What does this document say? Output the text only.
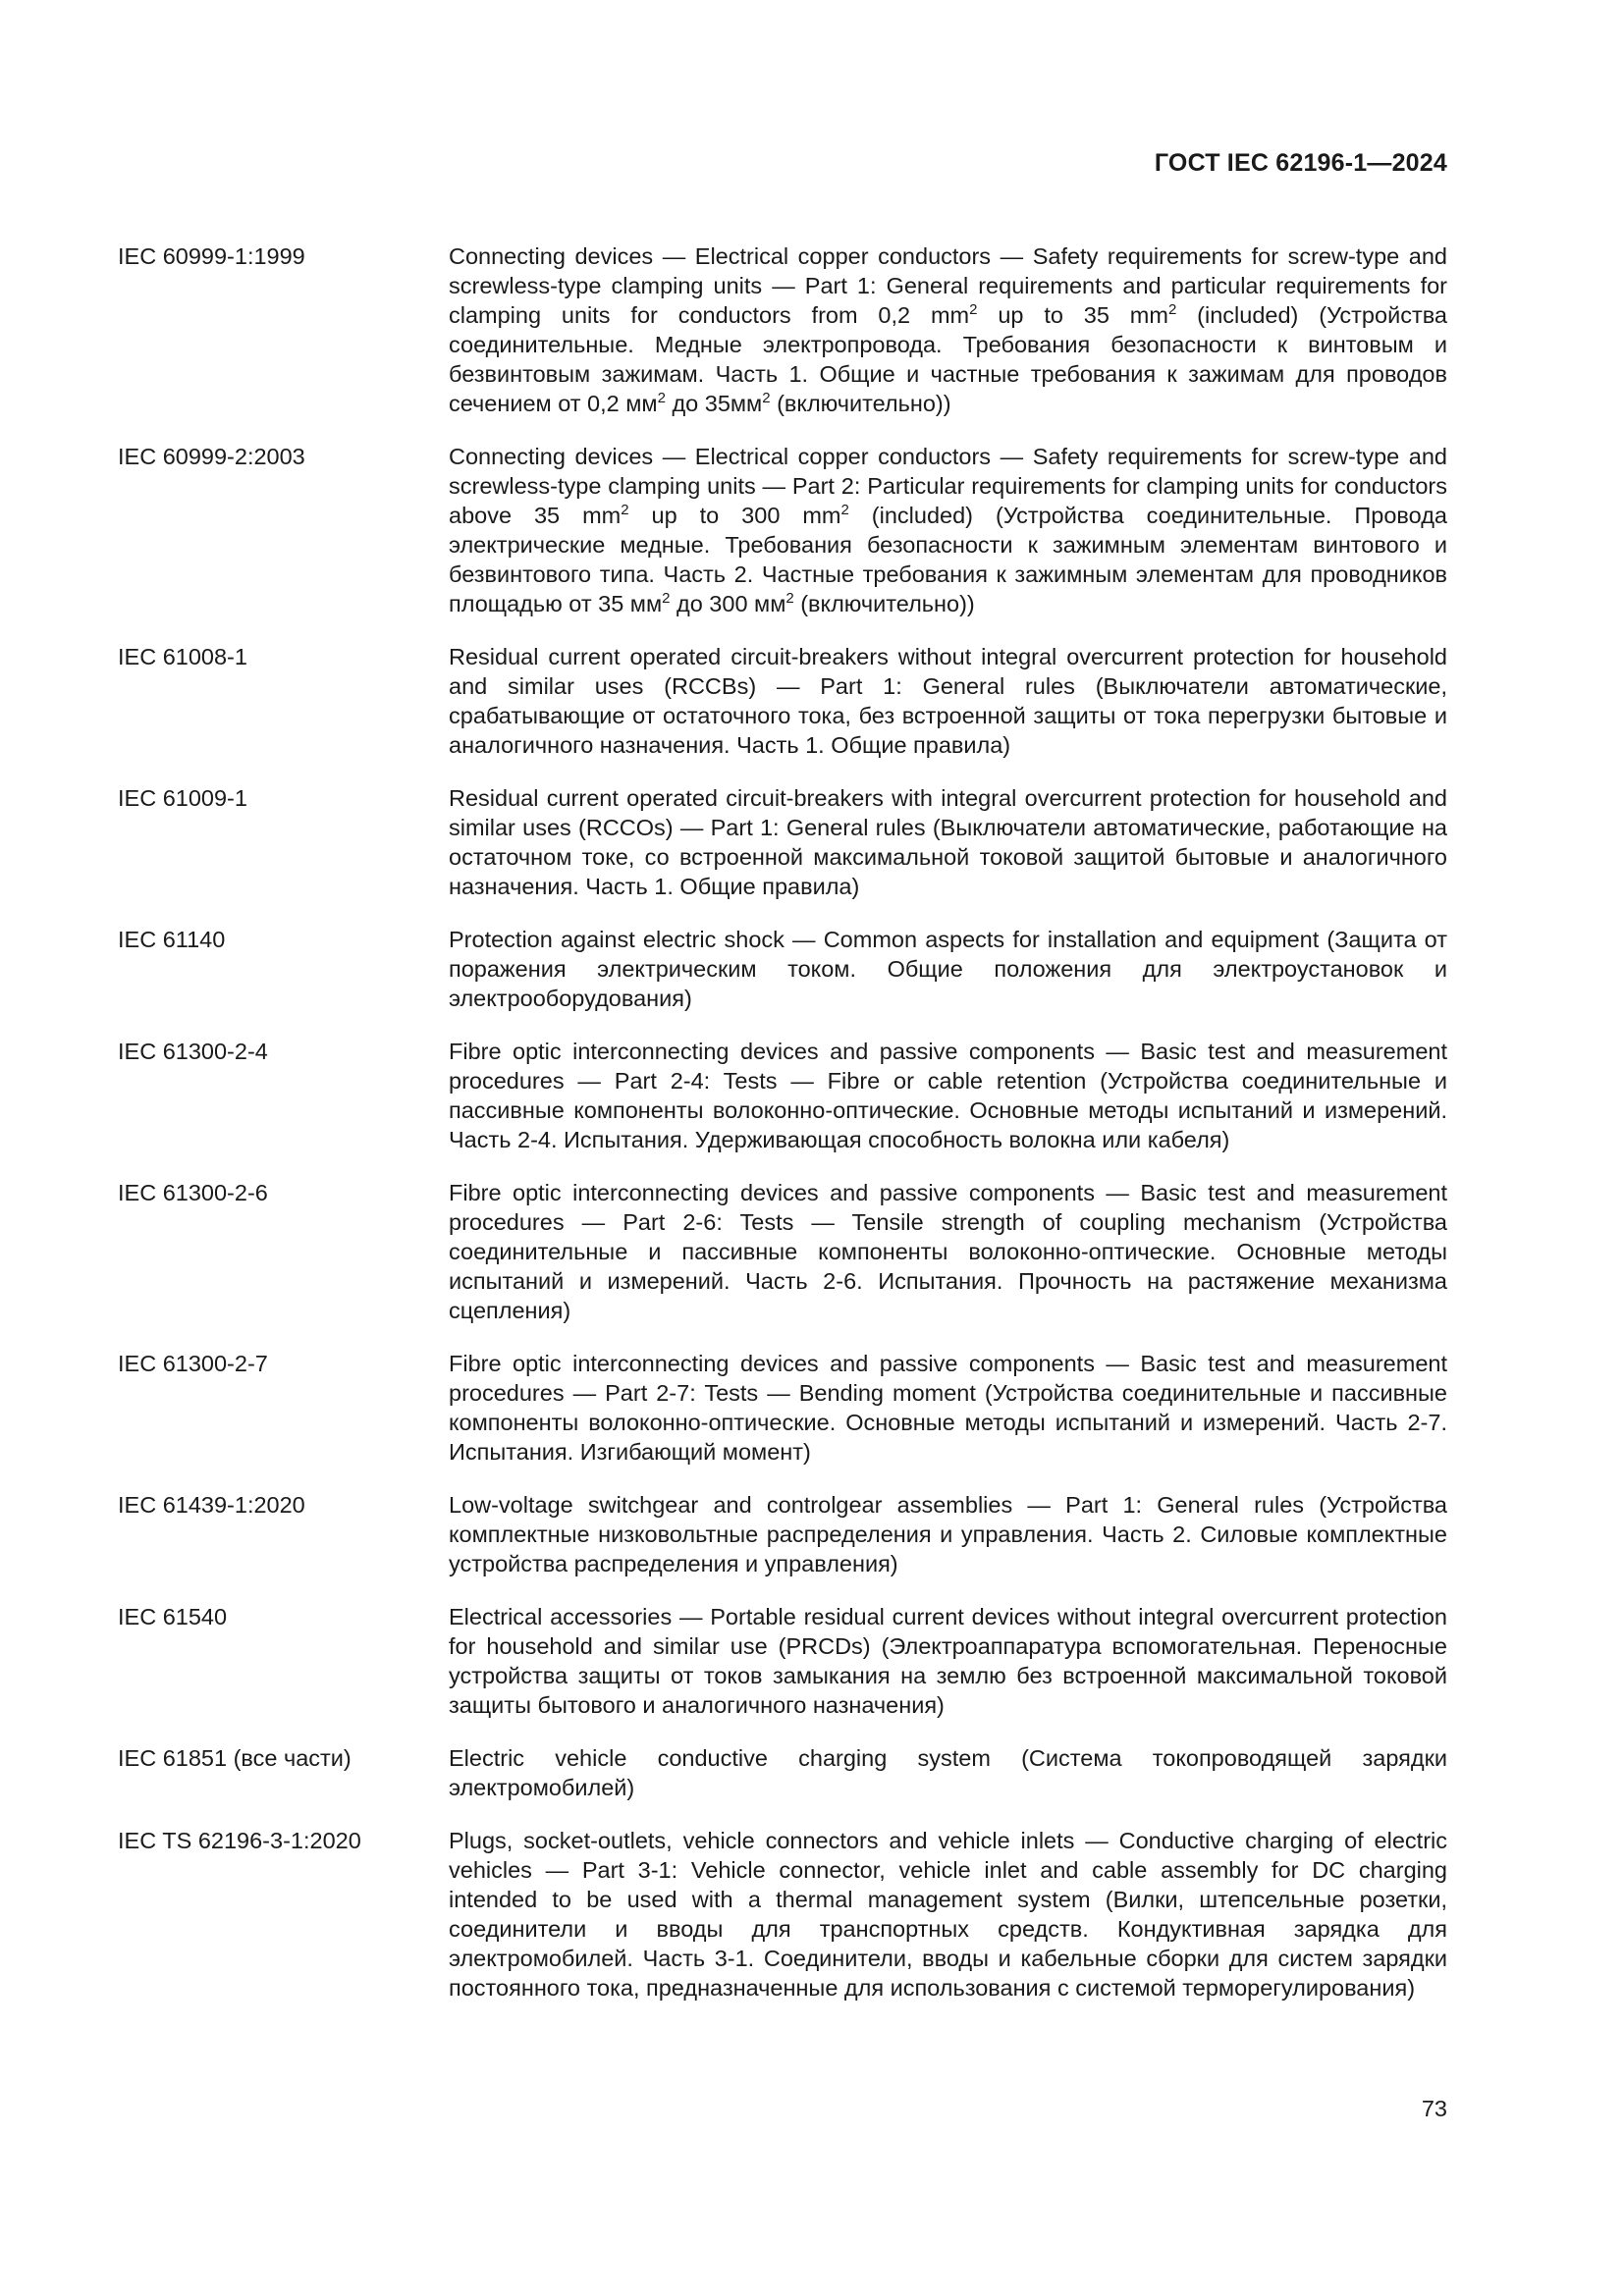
ГОСТ IEC 62196-1—2024
IEC 60999-1:1999	Connecting devices — Electrical copper conductors — Safety requirements for screw-type and screwless-type clamping units — Part 1: General requirements and particular requirements for clamping units for conductors from 0,2 $mm^2$ up to 35 $mm^2$ (included) (Устройства соединительные. Медные электропровода. Требования безопасности к винтовым и безвинтовым зажимам. Часть 1. Общие и частные требования к зажимам для проводов сечением от 0,2 $мм^2$ до $35мм^2$ (включительно))
IEC 60999-2:2003	Connecting devices — Electrical copper conductors — Safety requirements for screw-type and screwless-type clamping units — Part 2: Particular requirements for clamping units for conductors above 35 $mm^2$ up to 300 $mm^2$ (included) (Устройства соединительные. Провода электрические медные. Требования безопасности к зажимным элементам винтового и безвинтового типа. Часть 2. Частные требования к зажимным элементам для проводников площадью от 35 $мм^2$ до 300 $мм^2$ (включительно))
IEC 61008-1	Residual current operated circuit-breakers without integral overcurrent protection for household and similar uses (RCCBs) — Part 1: General rules (Выключатели автоматические, срабатывающие от остаточного тока, без встроенной защиты от тока перегрузки бытовые и аналогичного назначения. Часть 1. Общие правила)
IEC 61009-1	Residual current operated circuit-breakers with integral overcurrent protection for household and similar uses (RCCOs) — Part 1: General rules (Выключатели автоматические, работающие на остаточном токе, со встроенной максимальной токовой защитой бытовые и аналогичного назначения. Часть 1. Общие правила)
IEC 61140	Protection against electric shock — Common aspects for installation and equipment (Защита от поражения электрическим током. Общие положения для электроустановок и электрооборудования)
IEC 61300-2-4	Fibre optic interconnecting devices and passive components — Basic test and measurement procedures — Part 2-4: Tests — Fibre or cable retention (Устройства соединительные и пассивные компоненты волоконно-оптические. Основные методы испытаний и измерений. Часть 2-4. Испытания. Удерживающая способность волокна или кабеля)
IEC 61300-2-6	Fibre optic interconnecting devices and passive components — Basic test and measurement procedures — Part 2-6: Tests — Tensile strength of coupling mechanism (Устройства соединительные и пассивные компоненты волоконно-оптические. Основные методы испытаний и измерений. Часть 2-6. Испытания. Прочность на растяжение механизма сцепления)
IEC 61300-2-7	Fibre optic interconnecting devices and passive components — Basic test and measurement procedures — Part 2-7: Tests — Bending moment (Устройства соединительные и пассивные компоненты волоконно-оптические. Основные методы испытаний и измерений. Часть 2-7. Испытания. Изгибающий момент)
IEC 61439-1:2020	Low-voltage switchgear and controlgear assemblies — Part 1: General rules (Устройства комплектные низковольтные распределения и управления. Часть 2. Силовые комплектные устройства распределения и управления)
IEC 61540	Electrical accessories — Portable residual current devices without integral overcurrent protection for household and similar use (PRCDs) (Электроаппаратура вспомогательная. Переносные устройства защиты от токов замыкания на землю без встроенной максимальной токовой защиты бытового и аналогичного назначения)
IEC 61851 (все части)	Electric vehicle conductive charging system (Система токопроводящей зарядки электромобилей)
IEC TS 62196-3-1:2020	Plugs, socket-outlets, vehicle connectors and vehicle inlets — Conductive charging of electric vehicles — Part 3-1: Vehicle connector, vehicle inlet and cable assembly for DC charging intended to be used with a thermal management system (Вилки, штепсельные розетки, соединители и вводы для транспортных средств. Кондуктивная зарядка для электромобилей. Часть 3-1. Соединители, вводы и кабельные сборки для систем зарядки постоянного тока, предназначенные для использования с системой терморегулирования)
73
